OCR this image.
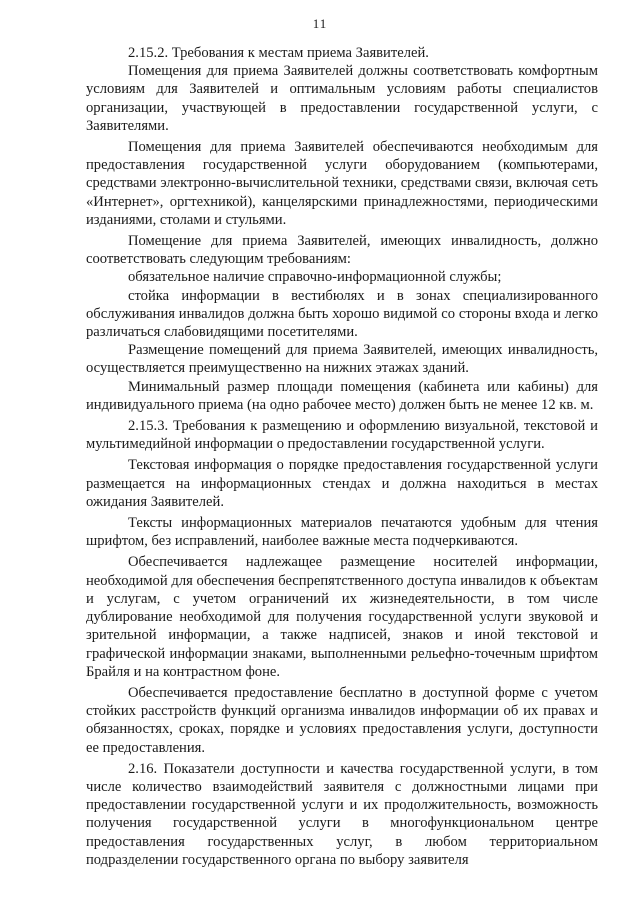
11

2.15.2. Требования к местам приема Заявителей.

Помещения для приема Заявителей должны соответствовать комфортным условиям для Заявителей и оптимальным условиям работы специалистов организации, участвующей в предоставлении государственной услуги, с Заявителями.

Помещения для приема Заявителей обеспечиваются необходимым для предоставления государственной услуги оборудованием (компьютерами, средствами электронно-вычислительной техники, средствами связи, включая сеть «Интернет», оргтехникой), канцелярскими принадлежностями, периодическими изданиями, столами и стульями.

Помещение для приема Заявителей, имеющих инвалидность, должно соответствовать следующим требованиям:

обязательное наличие справочно-информационной службы;

стойка информации в вестибюлях и в зонах специализированного обслуживания инвалидов должна быть хорошо видимой со стороны входа и легко различаться слабовидящими посетителями.

Размещение помещений для приема Заявителей, имеющих инвалидность, осуществляется преимущественно на нижних этажах зданий.

Минимальный размер площади помещения (кабинета или кабины) для индивидуального приема (на одно рабочее место) должен быть не менее 12 кв. м.

2.15.3. Требования к размещению и оформлению визуальной, текстовой и мультимедийной информации о предоставлении государственной услуги.

Текстовая информация о порядке предоставления государственной услуги размещается на информационных стендах и должна находиться в местах ожидания Заявителей.

Тексты информационных материалов печатаются удобным для чтения шрифтом, без исправлений, наиболее важные места подчеркиваются.

Обеспечивается надлежащее размещение носителей информации, необходимой для обеспечения беспрепятственного доступа инвалидов к объектам и услугам, с учетом ограничений их жизнедеятельности, в том числе дублирование необходимой для получения государственной услуги звуковой и зрительной информации, а также надписей, знаков и иной текстовой и графической информации знаками, выполненными рельефно-точечным шрифтом Брайля и на контрастном фоне.

Обеспечивается предоставление бесплатно в доступной форме с учетом стойких расстройств функций организма инвалидов информации об их правах и обязанностях, сроках, порядке и условиях предоставления услуги, доступности ее предоставления.

2.16. Показатели доступности и качества государственной услуги, в том числе количество взаимодействий заявителя с должностными лицами при предоставлении государственной услуги и их продолжительность, возможность получения государственной услуги в многофункциональном центре предоставления государственных услуг, в любом территориальном подразделении государственного органа по выбору заявителя
